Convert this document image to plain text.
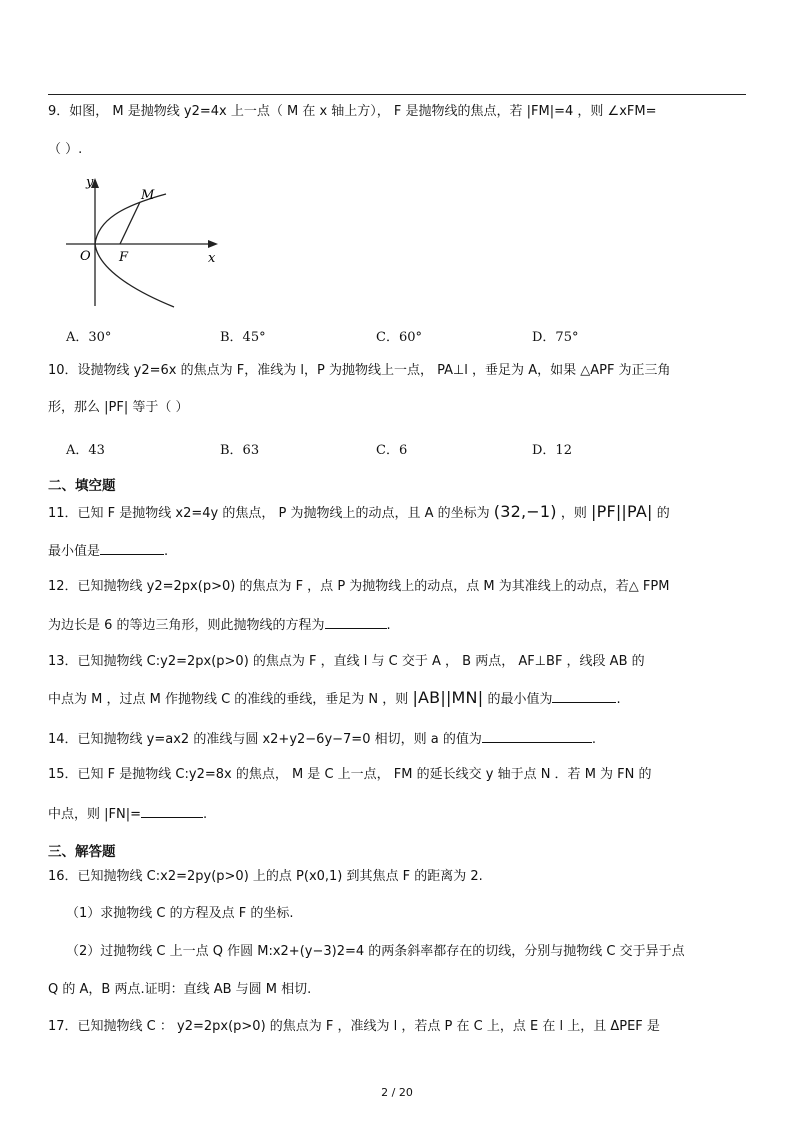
9．如图， M 是抛物线 y2=4x 上一点（ M 在 x 轴上方）， F 是抛物线的焦点，若 |FM|=4 ，则 ∠xFM=
（ ）.
y
x
O F
M
A．30°	B．45°	C．60°	D．75°
10．设抛物线 y2=6x 的焦点为 F，准线为 l，P 为抛物线上一点， PA⊥l ，垂足为 A，如果 △APF 为正三角
形，那么 |PF| 等于（ ）
A．43	B．63	C．6	D．12
二、填空题
11．已知 F 是抛物线 x2=4y 的焦点， P 为抛物线上的动点，且 A 的坐标为 (32,−1) ，则 |PF||PA| 的
最小值是	.
12．已知抛物线 y2=2px(p>0) 的焦点为 F ，点 P 为抛物线上的动点，点 M 为其准线上的动点，若△ FPM
为边长是 6 的等边三角形，则此抛物线的方程为	.
13．已知抛物线 C:y2=2px(p>0) 的焦点为 F ，直线 l 与 C 交于 A ， B 两点， AF⊥BF ，线段 AB 的
中点为 M ，过点 M 作抛物线 C 的准线的垂线，垂足为 N ，则 |AB||MN| 的最小值为	.
14．已知抛物线 y=ax2 的准线与圆 x2+y2−6y−7=0 相切，则 a 的值为	.
15．已知 F 是抛物线 C:y2=8x 的焦点， M 是 C 上一点， FM 的延长线交 y 轴于点 N ．若 M 为 FN 的
中点，则 |FN|=	.
三、解答题
16．已知抛物线 C:x2=2py(p>0) 上的点 P(x0,1) 到其焦点 F 的距离为 2.
（1）求抛物线 C 的方程及点 F 的坐标.
（2）过抛物线 C 上一点 Q 作圆 M:x2+(y−3)2=4 的两条斜率都存在的切线，分别与抛物线 C 交于异于点
Q 的 A，B 两点.证明：直线 AB 与圆 M 相切.
17．已知抛物线 C ： y2=2px(p>0) 的焦点为 F ，准线为 l ，若点 P 在 C 上，点 E 在 l 上，且 ΔPEF 是
2 / 20
